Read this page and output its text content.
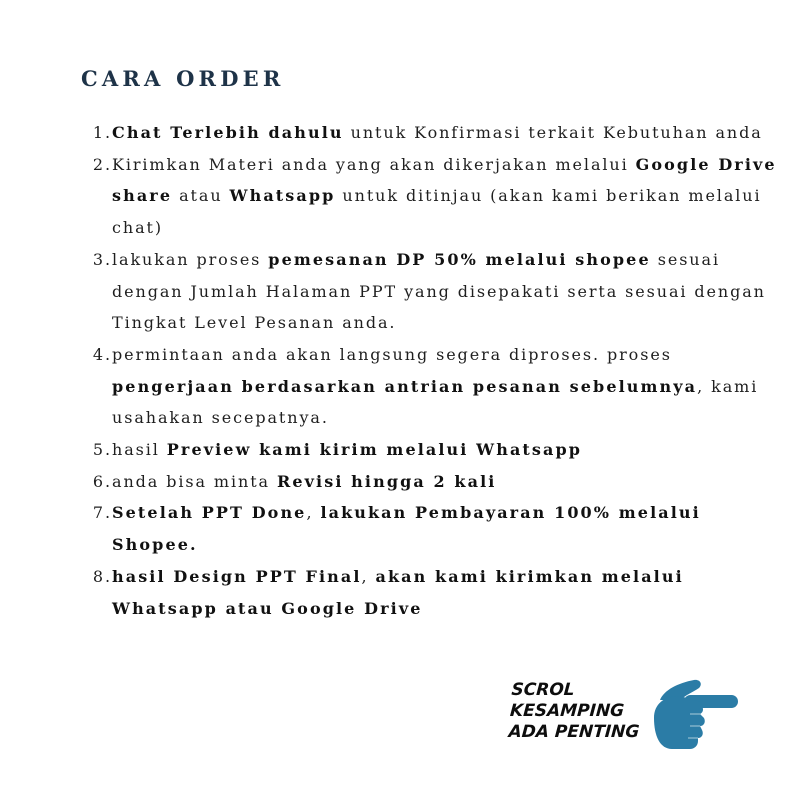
CARA ORDER
1. Chat Terlebih dahulu untuk Konfirmasi terkait Kebutuhan anda
2. Kirimkan Materi anda yang akan dikerjakan melalui Google Drive share atau Whatsapp untuk ditinjau (akan kami berikan melalui chat)
3. lakukan proses pemesanan DP 50% melalui shopee sesuai dengan Jumlah Halaman PPT yang disepakati serta sesuai dengan Tingkat Level Pesanan anda.
4. permintaan anda akan langsung segera diproses. proses pengerjaan berdasarkan antrian pesanan sebelumnya, kami usahakan secepatnya.
5. hasil Preview kami kirim melalui Whatsapp
6. anda bisa minta Revisi hingga 2 kali
7. Setelah PPT Done, lakukan Pembayaran 100% melalui Shopee.
8. hasil Design PPT Final, akan kami kirimkan melalui Whatsapp atau Google Drive
SCROL
KESAMPING
ADA PENTING
